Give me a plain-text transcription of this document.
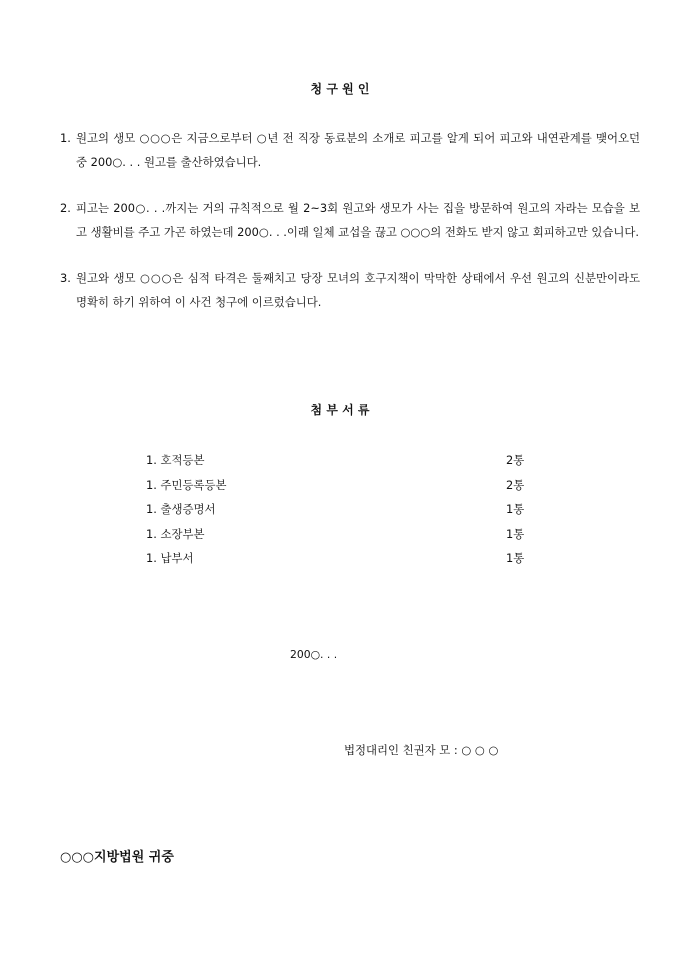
청 구 원 인

1. 원고의 생모 ○○○은 지금으로부터 ○년 전 직장 동료분의 소개로 피고를 알게 되어 피고와 내연관계를 맺어오던 중 200○. . . 원고를 출산하였습니다.

2. 피고는 200○. . .까지는 거의 규칙적으로 월 2~3회 원고와 생모가 사는 집을 방문하여 원고의 자라는 모습을 보고 생활비를 주고 가곤 하였는데 200○. . .이래 일체 교섭을 끊고 ○○○의 전화도 받지 않고 회피하고만 있습니다.

3. 원고와 생모 ○○○은 심적 타격은 둘째치고 당장 모녀의 호구지책이 막막한 상태에서 우선 원고의 신분만이라도 명확히 하기 위하여 이 사건 청구에 이르렀습니다.

첨 부 서 류
1. 호적등본	2통
1. 주민등록등본	2통
1. 출생증명서	1통
1. 소장부본	1통
1. 납부서	1통
200○. . .
법정대리인 친권자 모 : ○ ○ ○
○○○지방법원 귀중
